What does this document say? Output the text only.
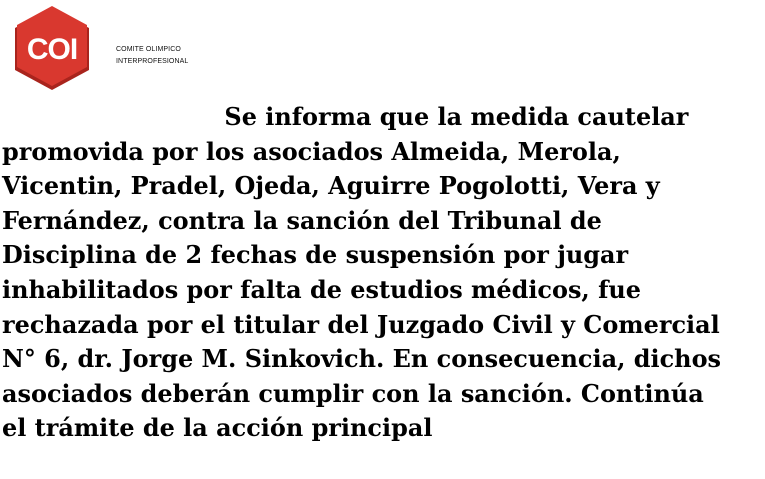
COI	COMITE OLIMPICO
INTERPROFESIONAL

Se informa que la medida cautelar
promovida por los asociados Almeida, Merola,
Vicentin, Pradel, Ojeda, Aguirre Pogolotti, Vera y
Fernández, contra la sanción del Tribunal de
Disciplina de 2 fechas de suspensión por jugar
inhabilitados por falta de estudios médicos, fue
rechazada por el titular del Juzgado Civil y Comercial
N° 6, dr. Jorge M. Sinkovich. En consecuencia, dichos
asociados deberán cumplir con la sanción. Continúa
el trámite de la acción principal
